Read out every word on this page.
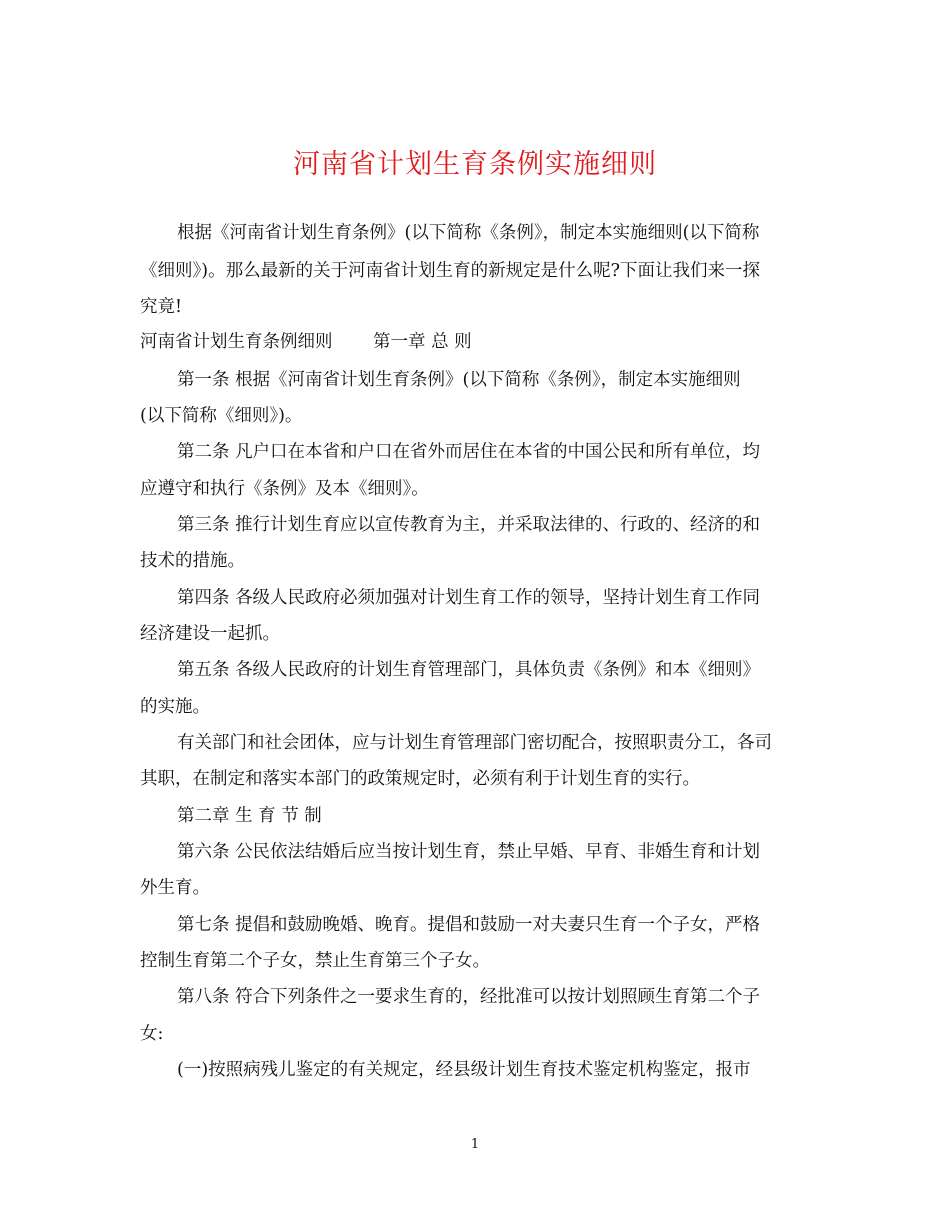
河南省计划生育条例实施细则
根据《河南省计划生育条例》(以下简称《条例》，制定本实施细则(以下简称
《细则》)。那么最新的关于河南省计划生育的新规定是什么呢?下面让我们来一探
究竟!
河南省计划生育条例细则　　 第一章 总 则
第一条 根据《河南省计划生育条例》(以下简称《条例》，制定本实施细则
(以下简称《细则》)。
第二条 凡户口在本省和户口在省外而居住在本省的中国公民和所有单位，均
应遵守和执行《条例》及本《细则》。
第三条 推行计划生育应以宣传教育为主，并采取法律的、行政的、经济的和
技术的措施。
第四条 各级人民政府必须加强对计划生育工作的领导，坚持计划生育工作同
经济建设一起抓。
第五条 各级人民政府的计划生育管理部门，具体负责《条例》和本《细则》
的实施。
有关部门和社会团体，应与计划生育管理部门密切配合，按照职责分工，各司
其职，在制定和落实本部门的政策规定时，必须有利于计划生育的实行。
第二章 生 育 节 制
第六条 公民依法结婚后应当按计划生育，禁止早婚、早育、非婚生育和计划
外生育。
第七条 提倡和鼓励晚婚、晚育。提倡和鼓励一对夫妻只生育一个子女，严格
控制生育第二个子女，禁止生育第三个子女。
第八条 符合下列条件之一要求生育的，经批准可以按计划照顾生育第二个子
女:
(一)按照病残儿鉴定的有关规定，经县级计划生育技术鉴定机构鉴定，报市
1
